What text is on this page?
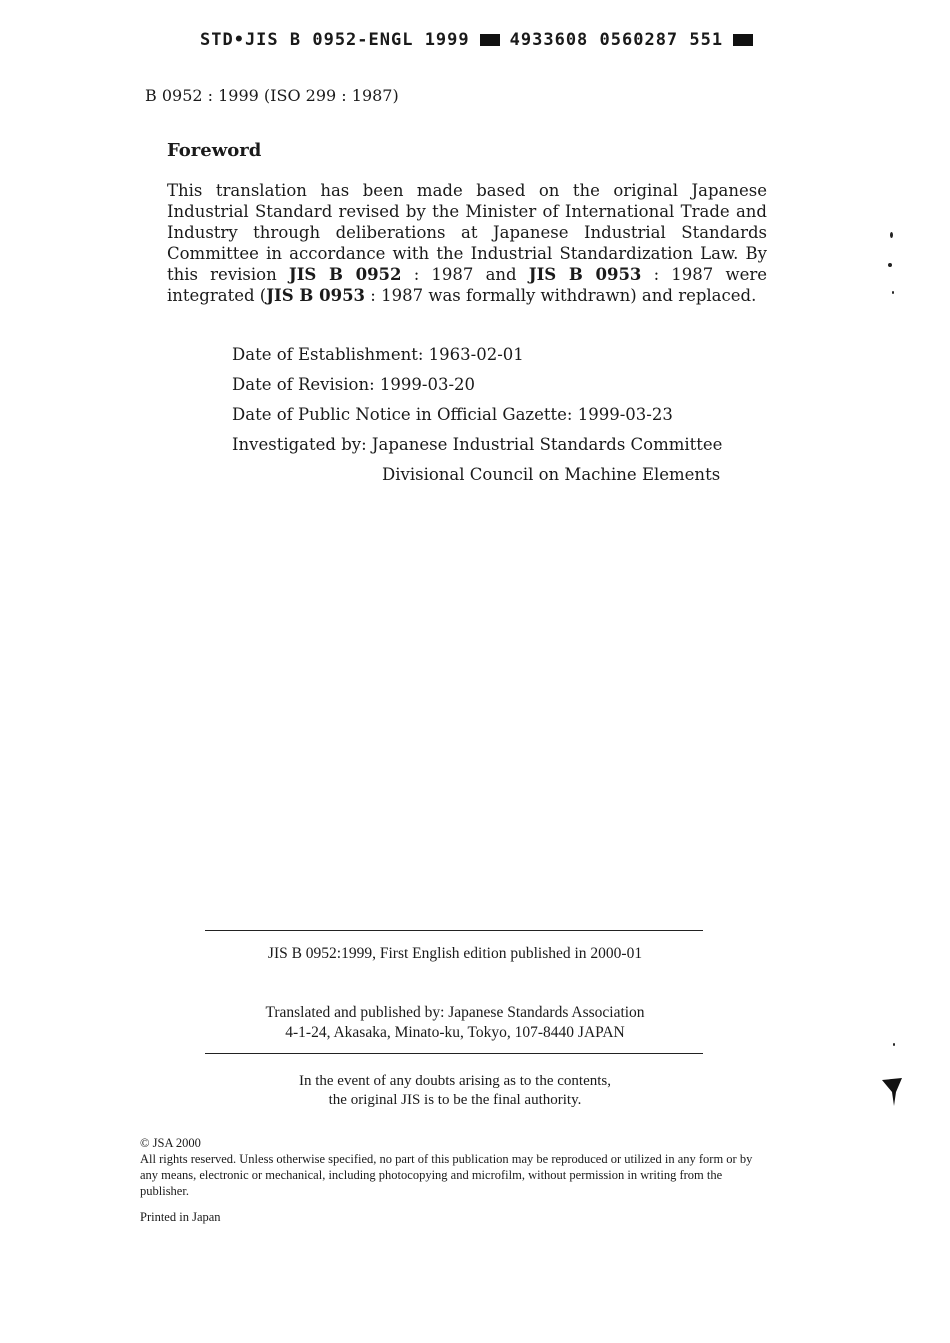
STD•JIS B 0952-ENGL 1999 4933608 0560287 551
B 0952 : 1999 (ISO 299 : 1987)
Foreword
This translation has been made based on the original Japanese Industrial Standard revised by the Minister of International Trade and Industry through deliberations at Japanese Industrial Standards Committee in accordance with the Industrial Standardization Law. By this revision JIS B 0952 : 1987 and JIS B 0953 : 1987 were integrated (JIS B 0953 : 1987 was formally withdrawn) and replaced.
Date of Establishment: 1963-02-01
Date of Revision: 1999-03-20
Date of Public Notice in Official Gazette: 1999-03-23
Investigated by: Japanese Industrial Standards Committee
Divisional Council on Machine Elements
JIS B 0952:1999, First English edition published in 2000-01
Translated and published by: Japanese Standards Association
4-1-24, Akasaka, Minato-ku, Tokyo, 107-8440 JAPAN
In the event of any doubts arising as to the contents,
the original JIS is to be the final authority.
© JSA 2000
All rights reserved. Unless otherwise specified, no part of this publication may be reproduced or utilized in any form or by any means, electronic or mechanical, including photocopying and microfilm, without permission in writing from the publisher.
Printed in Japan
